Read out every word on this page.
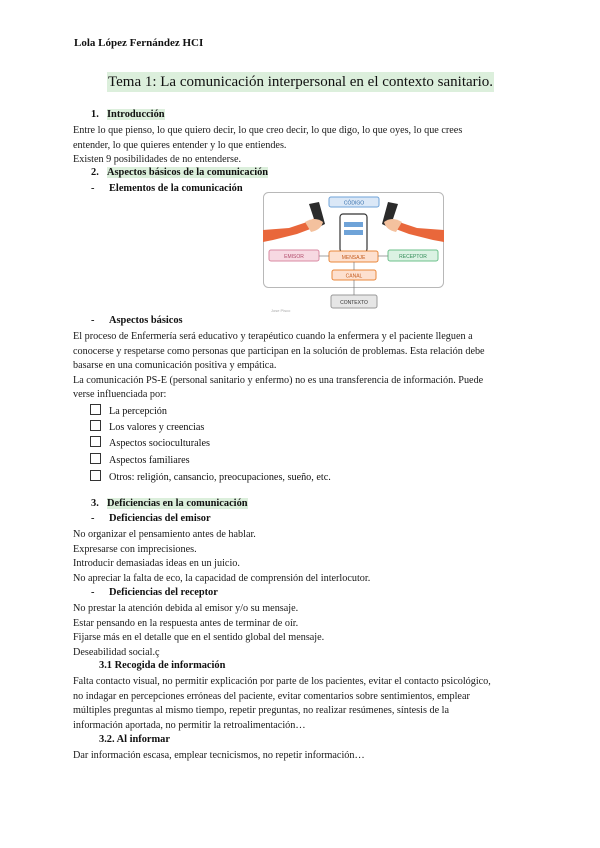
Lola López Fernández HCI
Tema 1: La comunicación interpersonal en el contexto sanitario.
1. Introducción
Entre lo que pienso, lo que quiero decir, lo que creo decir, lo que digo, lo que oyes, lo que crees
entender, lo que quieres entender y lo que entiendes.
Existen 9 posibilidades de no entenderse.
2. Aspectos básicos de la comunicación
- Elementos de la comunicación
CÓDIGO
EMISOR	MENSAJE	RECEPTOR
CANAL
CONTEXTO
Jose Pisco
- Aspectos básicos
El proceso de Enfermería será educativo y terapéutico cuando la enfermera y el paciente lleguen a
conocerse y respetarse como personas que participan en la solución de problemas. Esta relación debe
basarse en una comunicación positiva y empática.
La comunicación PS-E (personal sanitario y enfermo) no es una transferencia de información. Puede
verse influenciada por:
La percepción
Los valores y creencias
Aspectos socioculturales
Aspectos familiares
Otros: religión, cansancio, preocupaciones, sueño, etc.
3. Deficiencias en la comunicación
- Deficiencias del emisor
No organizar el pensamiento antes de hablar.
Expresarse con imprecisiones.
Introducir demasiadas ideas en un juicio.
No apreciar la falta de eco, la capacidad de comprensión del interlocutor.
- Deficiencias del receptor
No prestar la atención debida al emisor y/o su mensaje.
Estar pensando en la respuesta antes de terminar de oír.
Fijarse más en el detalle que en el sentido global del mensaje.
Deseabilidad social.ç
3.1 Recogida de información
Falta contacto visual, no permitir explicación por parte de los pacientes, evitar el contacto psicológico,
no indagar en percepciones erróneas del paciente, evitar comentarios sobre sentimientos, emplear
múltiples preguntas al mismo tiempo, repetir preguntas, no realizar resúmenes, síntesis de la
información aportada, no permitir la retroalimentación…
3.2. Al informar
Dar información escasa, emplear tecnicismos, no repetir información…
